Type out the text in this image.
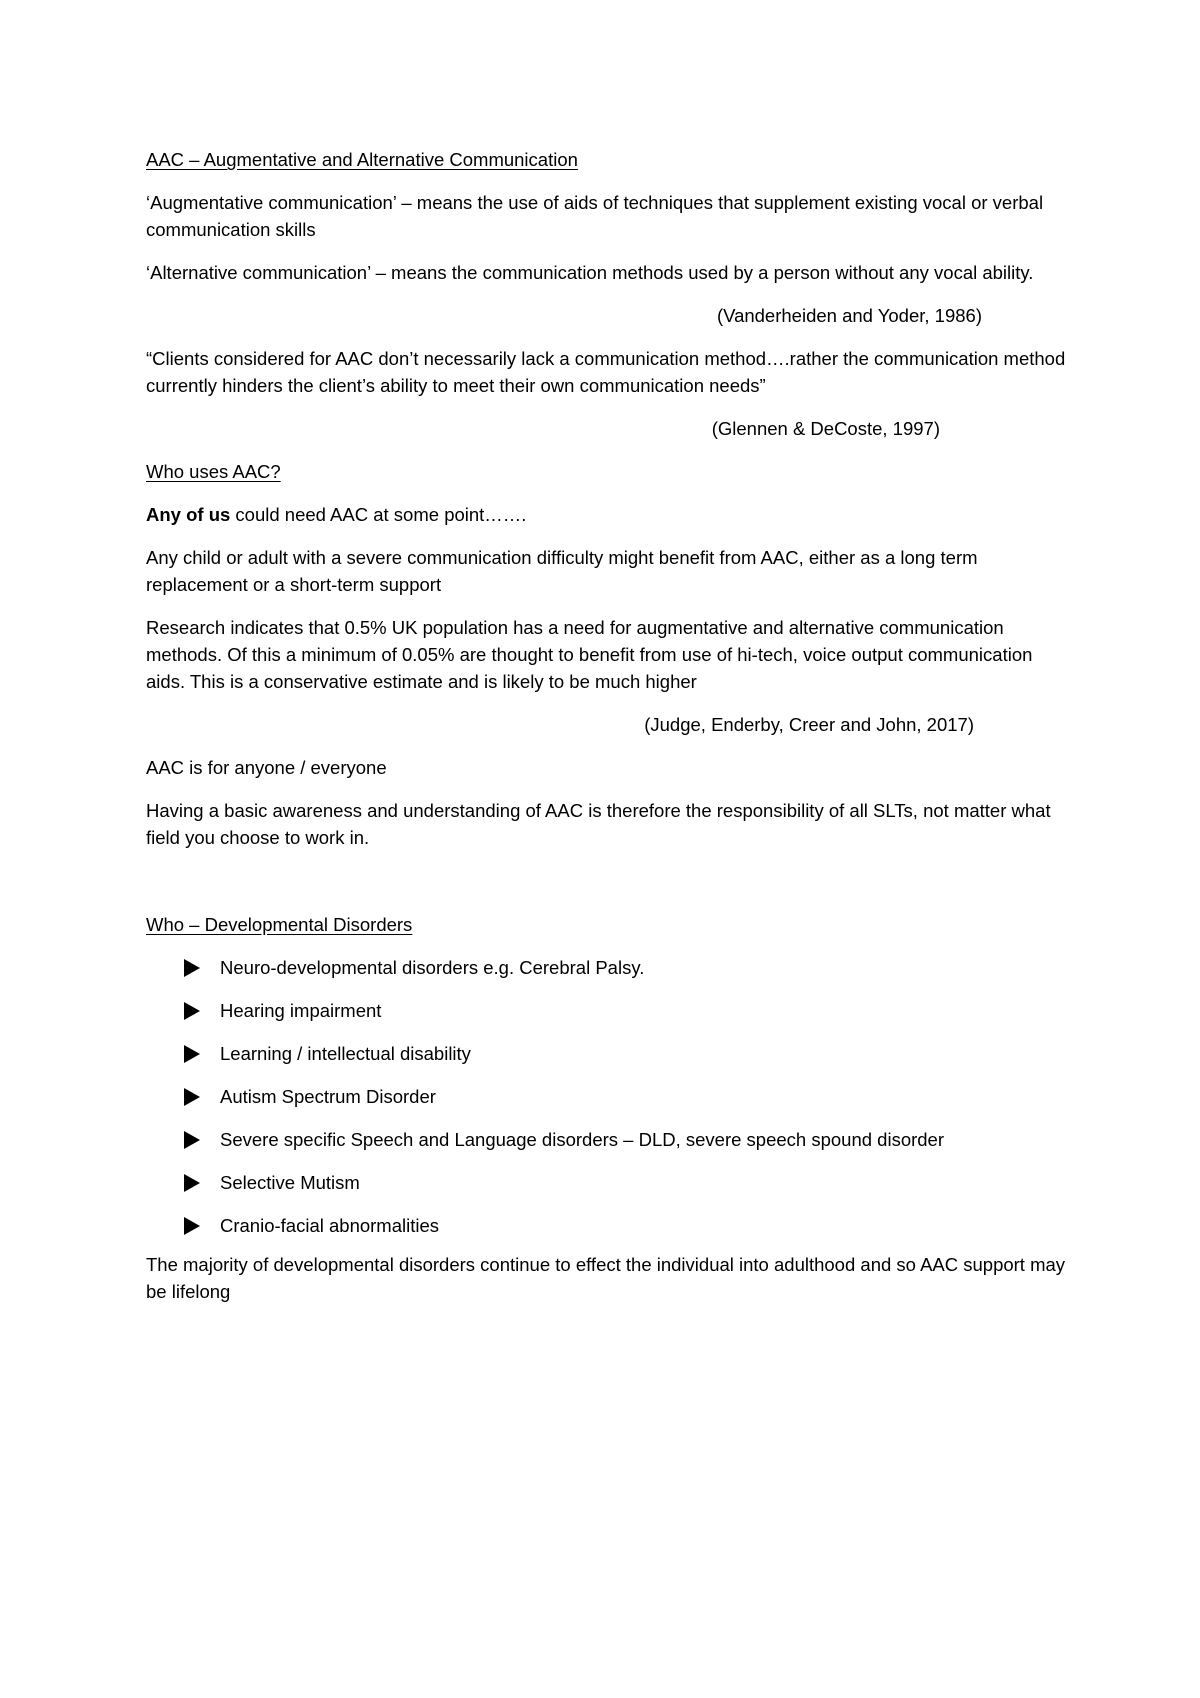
AAC – Augmentative and Alternative Communication

‘Augmentative communication’ – means the use of aids of techniques that supplement existing vocal or verbal communication skills

‘Alternative communication’ – means the communication methods used by a person without any vocal ability.

(Vanderheiden and Yoder, 1986)

“Clients considered for AAC don’t necessarily lack a communication method….rather the communication method currently hinders the client’s ability to meet their own communication needs”

(Glennen & DeCoste, 1997)

Who uses AAC?

Any of us could need AAC at some point…….

Any child or adult with a severe communication difficulty might benefit from AAC, either as a long term replacement or a short-term support

Research indicates that 0.5% UK population has a need for augmentative and alternative communication methods. Of this a minimum of 0.05% are thought to benefit from use of hi-tech, voice output communication aids. This is a conservative estimate and is likely to be much higher

(Judge, Enderby, Creer and John, 2017)

AAC is for anyone / everyone

Having a basic awareness and understanding of AAC is therefore the responsibility of all SLTs, not matter what field you choose to work in.

Who – Developmental Disorders

Neuro-developmental disorders e.g. Cerebral Palsy.
Hearing impairment
Learning / intellectual disability
Autism Spectrum Disorder
Severe specific Speech and Language disorders – DLD, severe speech spound disorder
Selective Mutism
Cranio-facial abnormalities

The majority of developmental disorders continue to effect the individual into adulthood and so AAC support may be lifelong
